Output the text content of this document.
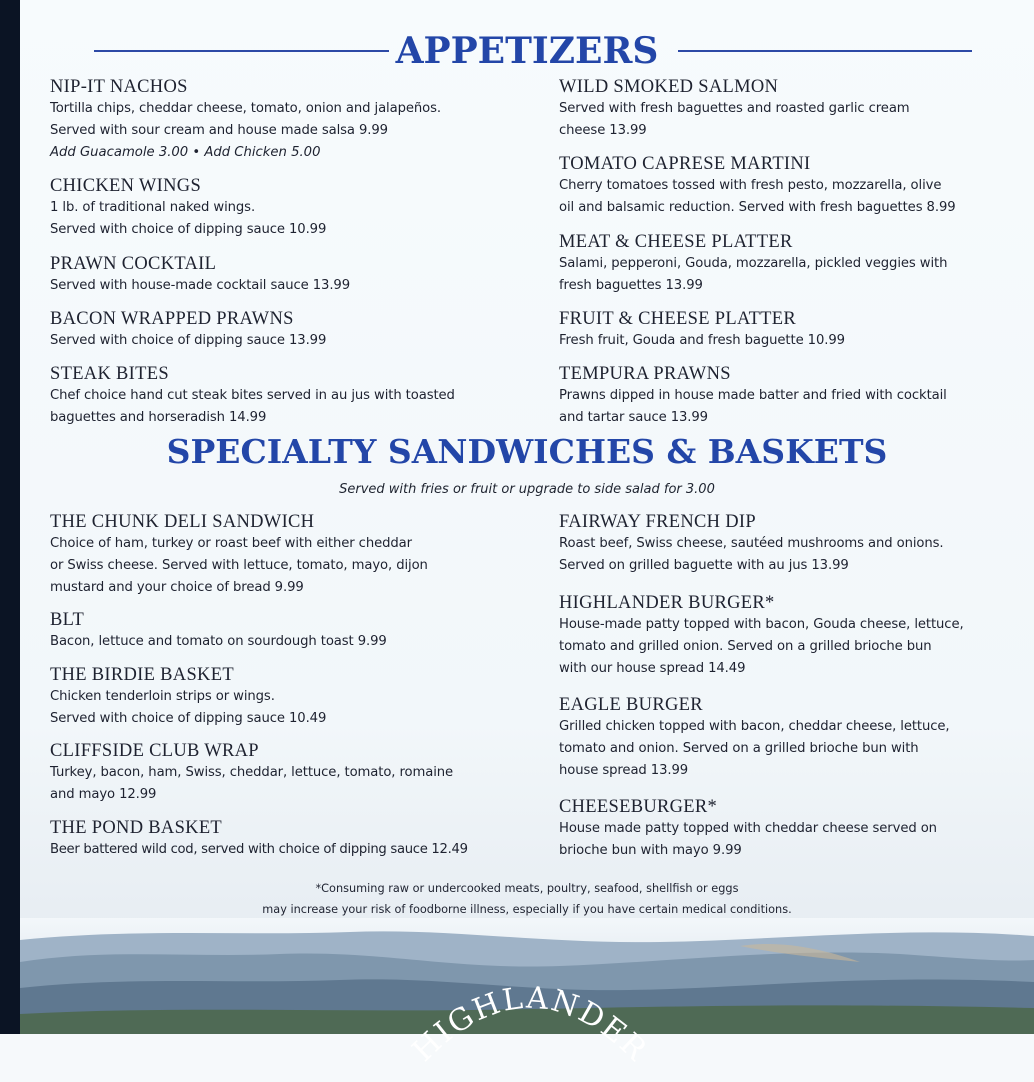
APPETIZERS
NIP-IT NACHOS
Tortilla chips, cheddar cheese, tomato, onion and jalapeños.
Served with sour cream and house made salsa 9.99
Add Guacamole 3.00 • Add Chicken 5.00
CHICKEN WINGS
1 lb. of traditional naked wings.
Served with choice of dipping sauce 10.99
PRAWN COCKTAIL
Served with house-made cocktail sauce 13.99
BACON WRAPPED PRAWNS
Served with choice of dipping sauce 13.99
STEAK BITES
Chef choice hand cut steak bites served in au jus with toasted
baguettes and horseradish 14.99
WILD SMOKED SALMON
Served with fresh baguettes and roasted garlic cream
cheese 13.99
TOMATO CAPRESE MARTINI
Cherry tomatoes tossed with fresh pesto, mozzarella, olive
oil and balsamic reduction. Served with fresh baguettes 8.99
MEAT & CHEESE PLATTER
Salami, pepperoni, Gouda, mozzarella, pickled veggies with
fresh baguettes 13.99
FRUIT & CHEESE PLATTER
Fresh fruit, Gouda and fresh baguette 10.99
TEMPURA PRAWNS
Prawns dipped in house made batter and fried with cocktail
and tartar sauce 13.99
SPECIALTY SANDWICHES & BASKETS

Served with fries or fruit or upgrade to side salad for 3.00

THE CHUNK DELI SANDWICH
Choice of ham, turkey or roast beef with either cheddar
or Swiss cheese. Served with lettuce, tomato, mayo, dijon
mustard and your choice of bread 9.99
BLT
Bacon, lettuce and tomato on sourdough toast 9.99
THE BIRDIE BASKET
Chicken tenderloin strips or wings.
Served with choice of dipping sauce 10.49
CLIFFSIDE CLUB WRAP
Turkey, bacon, ham, Swiss, cheddar, lettuce, tomato, romaine
and mayo 12.99
THE POND BASKET
Beer battered wild cod, served with choice of dipping sauce 12.49
FAIRWAY FRENCH DIP
Roast beef, Swiss cheese, sautéed mushrooms and onions.
Served on grilled baguette with au jus 13.99
HIGHLANDER BURGER*
House-made patty topped with bacon, Gouda cheese, lettuce,
tomato and grilled onion. Served on a grilled brioche bun
with our house spread 14.49
EAGLE BURGER
Grilled chicken topped with bacon, cheddar cheese, lettuce,
tomato and onion. Served on a grilled brioche bun with
house spread 13.99
CHEESEBURGER*
House made patty topped with cheddar cheese served on
brioche bun with mayo 9.99
*Consuming raw or undercooked meats, poultry, seafood, shellfish or eggs
may increase your risk of foodborne illness, especially if you have certain medical conditions.
HIGHLANDER
